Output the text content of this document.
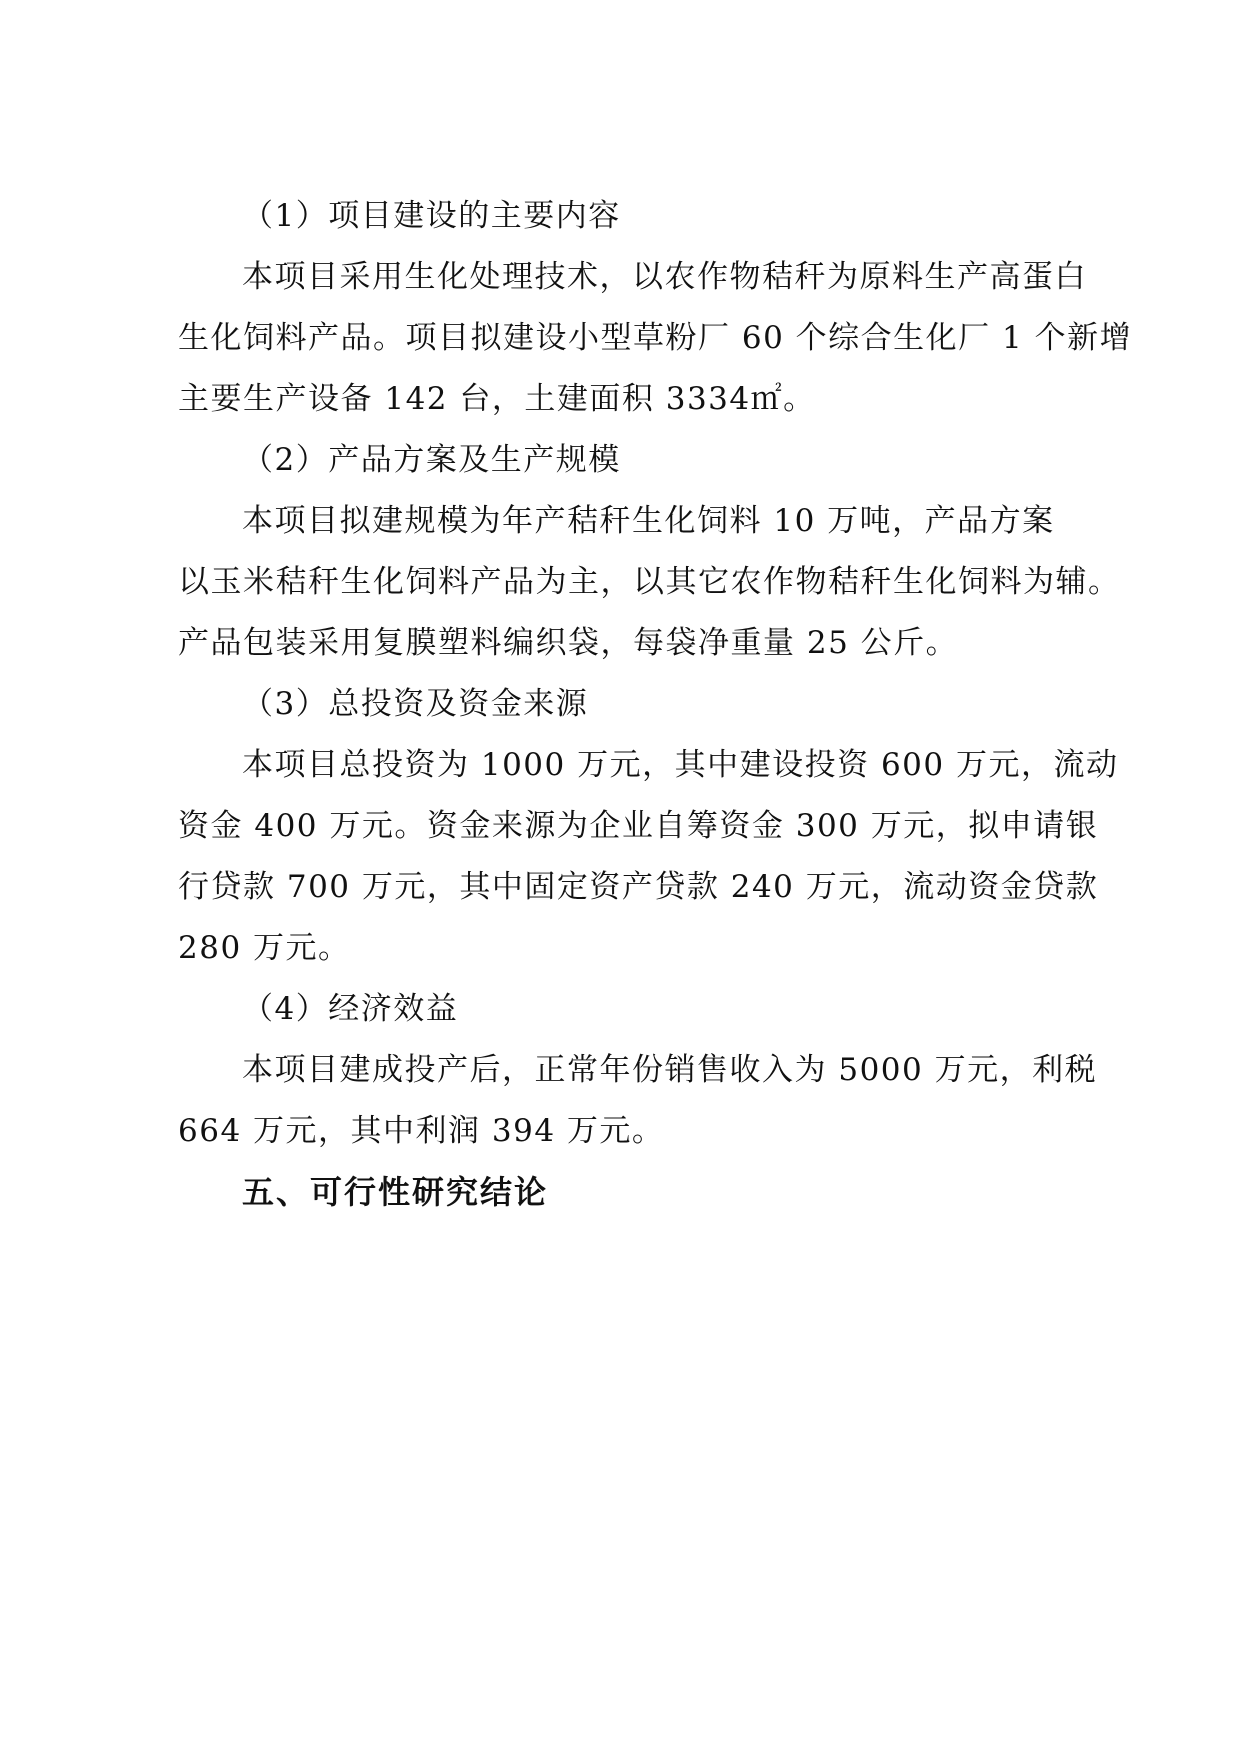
（1）项目建设的主要内容
本项目采用生化处理技术，以农作物秸秆为原料生产高蛋白
生化饲料产品。项目拟建设小型草粉厂 60 个综合生化厂 1 个新增
主要生产设备 142 台，土建面积 3334㎡。
（2）产品方案及生产规模
本项目拟建规模为年产秸秆生化饲料 10 万吨，产品方案
以玉米秸秆生化饲料产品为主，以其它农作物秸秆生化饲料为辅。
产品包装采用复膜塑料编织袋，每袋净重量 25 公斤。
（3）总投资及资金来源
本项目总投资为 1000 万元，其中建设投资 600 万元，流动
资金 400 万元。资金来源为企业自筹资金 300 万元，拟申请银
行贷款 700 万元，其中固定资产贷款 240 万元，流动资金贷款
280 万元。
（4）经济效益
本项目建成投产后，正常年份销售收入为 5000 万元，利税
664 万元，其中利润 394 万元。
五、可行性研究结论
